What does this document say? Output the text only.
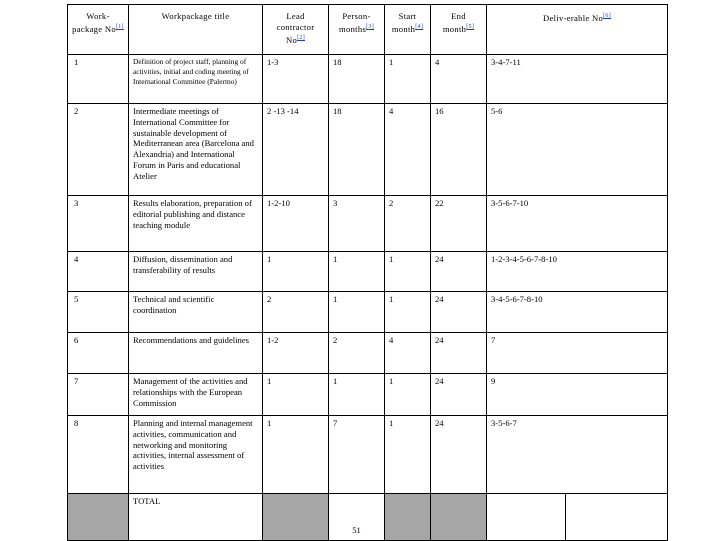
Work-package No[1]	Workpackage title	Lead contractor No[2]	Person-months[3]	Start month[4]	End month[5]	Deliv-erable No[6]
1	Definition of project staff, planning of activities, initial and coding meeting of International Committee (Palermo)	1-3	18	1	4	3-4-7-11
2	Intermediate meetings of International Committee for sustainable development of Mediterranean area (Barcelona and Alexandria) and International Forum in Paris and educational Atelier	2 -13 -14	18	4	16	5-6
3	Results elaboration, preparation of editorial publishing and distance teaching module	1-2-10	3	2	22	3-5-6-7-10
4	Diffusion, dissemination and transferability of results	1	1	1	24	1-2-3-4-5-6-7-8-10
5	Technical and scientific coordination	2	1	1	24	3-4-5-6-7-8-10
6	Recommendations and guidelines	1-2	2	4	24	7
7	Management of the activities and relationships with the European Commission	1	1	1	24	9
8	Planning and internal management activities, communication and networking and monitoring activities, internal assessment of activities	1	7	1	24	3-5-6-7
	TOTAL		51			
